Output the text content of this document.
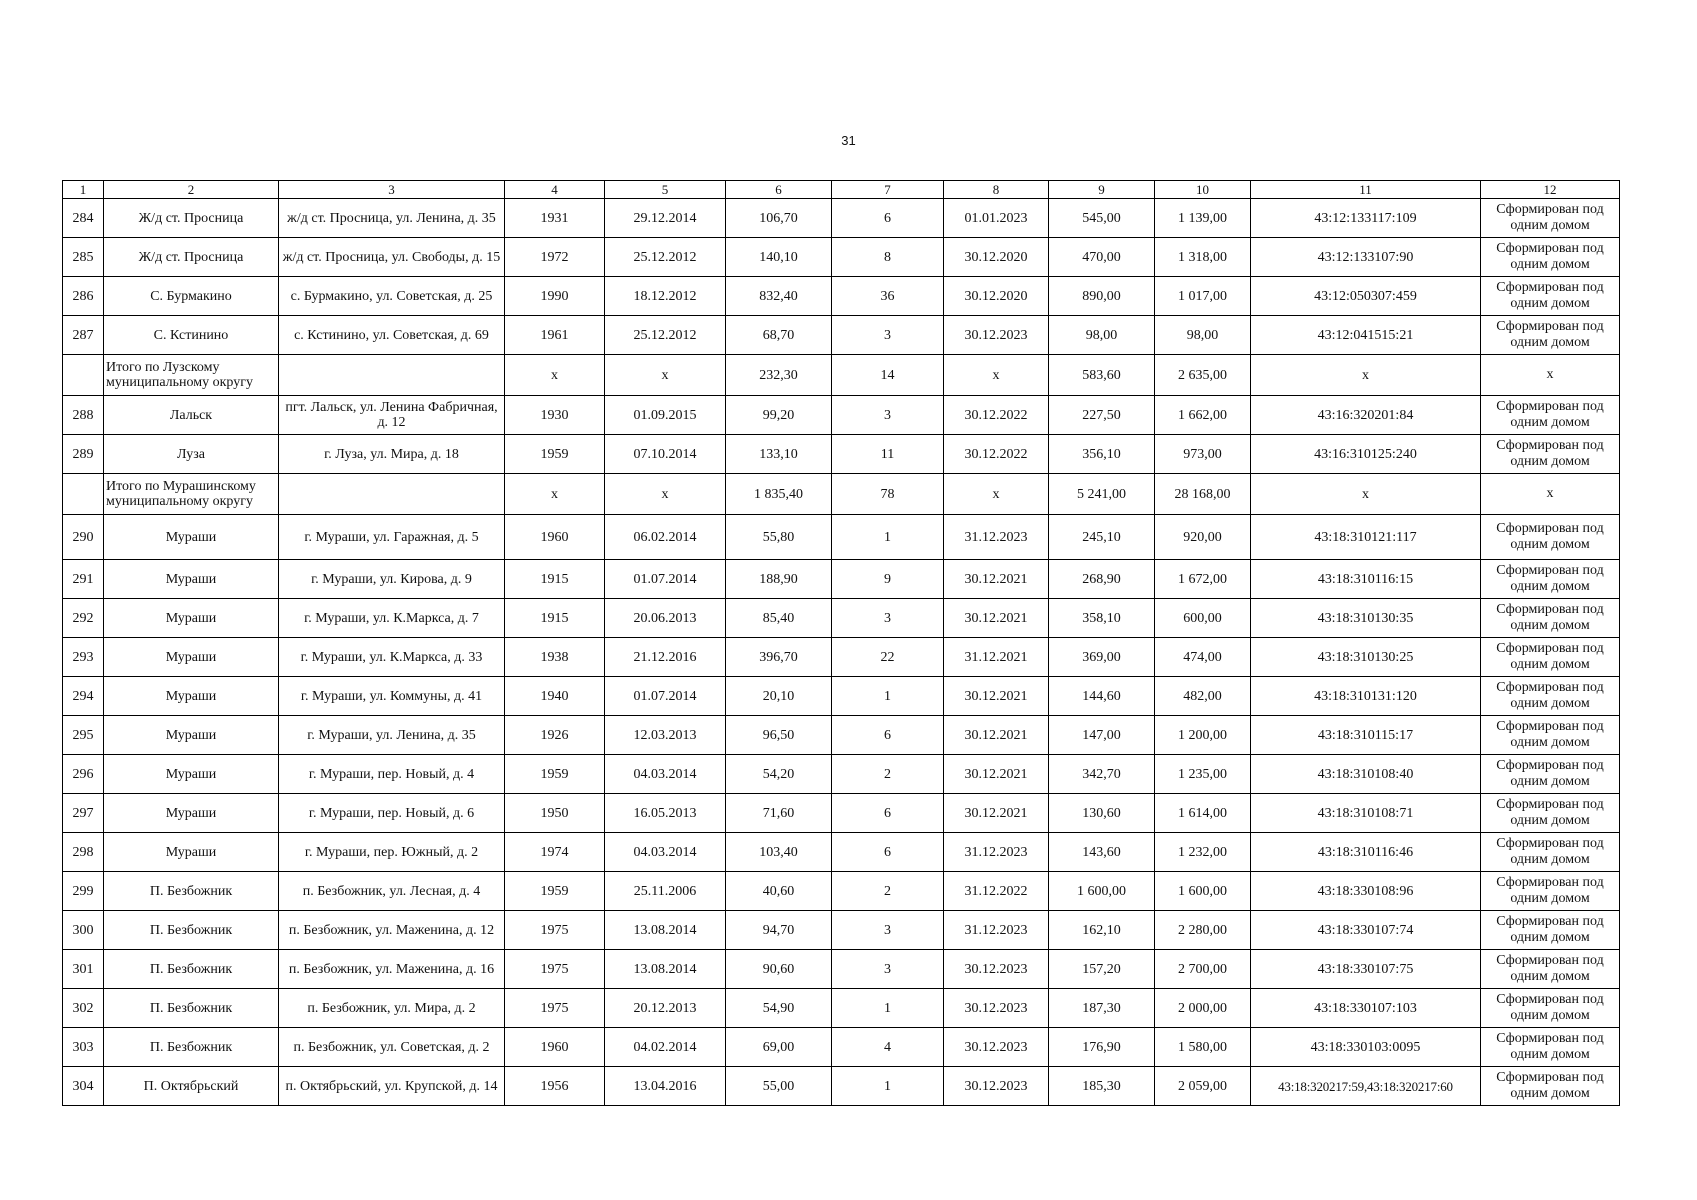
31
1	2	3	4	5	6	7	8	9	10	11	12
284	Ж/д ст. Просница	ж/д ст. Просница, ул. Ленина, д. 35	1931	29.12.2014	106,70	6	01.01.2023	545,00	1 139,00	43:12:133117:109	Сформирован под одним домом
285	Ж/д ст. Просница	ж/д ст. Просница, ул. Свободы, д. 15	1972	25.12.2012	140,10	8	30.12.2020	470,00	1 318,00	43:12:133107:90	Сформирован под одним домом
286	С. Бурмакино	с. Бурмакино, ул. Советская, д. 25	1990	18.12.2012	832,40	36	30.12.2020	890,00	1 017,00	43:12:050307:459	Сформирован под одним домом
287	С. Кстинино	с. Кстинино, ул. Советская, д. 69	1961	25.12.2012	68,70	3	30.12.2023	98,00	98,00	43:12:041515:21	Сформирован под одним домом
	Итого по Лузскому муниципальному округу		x	x	232,30	14	x	583,60	2 635,00	x	x
288	Лальск	пгт. Лальск, ул. Ленина Фабричная, д. 12	1930	01.09.2015	99,20	3	30.12.2022	227,50	1 662,00	43:16:320201:84	Сформирован под одним домом
289	Луза	г. Луза, ул. Мира, д. 18	1959	07.10.2014	133,10	11	30.12.2022	356,10	973,00	43:16:310125:240	Сформирован под одним домом
	Итого по Мурашинскому муниципальному округу		x	x	1 835,40	78	x	5 241,00	28 168,00	x	x
290	Мураши	г. Мураши, ул. Гаражная, д. 5	1960	06.02.2014	55,80	1	31.12.2023	245,10	920,00	43:18:310121:117	Сформирован под одним домом
291	Мураши	г. Мураши, ул. Кирова, д. 9	1915	01.07.2014	188,90	9	30.12.2021	268,90	1 672,00	43:18:310116:15	Сформирован под одним домом
292	Мураши	г. Мураши, ул. К.Маркса, д. 7	1915	20.06.2013	85,40	3	30.12.2021	358,10	600,00	43:18:310130:35	Сформирован под одним домом
293	Мураши	г. Мураши, ул. К.Маркса, д. 33	1938	21.12.2016	396,70	22	31.12.2021	369,00	474,00	43:18:310130:25	Сформирован под одним домом
294	Мураши	г. Мураши, ул. Коммуны, д. 41	1940	01.07.2014	20,10	1	30.12.2021	144,60	482,00	43:18:310131:120	Сформирован под одним домом
295	Мураши	г. Мураши, ул. Ленина, д. 35	1926	12.03.2013	96,50	6	30.12.2021	147,00	1 200,00	43:18:310115:17	Сформирован под одним домом
296	Мураши	г. Мураши, пер. Новый, д. 4	1959	04.03.2014	54,20	2	30.12.2021	342,70	1 235,00	43:18:310108:40	Сформирован под одним домом
297	Мураши	г. Мураши, пер. Новый, д. 6	1950	16.05.2013	71,60	6	30.12.2021	130,60	1 614,00	43:18:310108:71	Сформирован под одним домом
298	Мураши	г. Мураши, пер. Южный, д. 2	1974	04.03.2014	103,40	6	31.12.2023	143,60	1 232,00	43:18:310116:46	Сформирован под одним домом
299	П. Безбожник	п. Безбожник, ул. Лесная, д. 4	1959	25.11.2006	40,60	2	31.12.2022	1 600,00	1 600,00	43:18:330108:96	Сформирован под одним домом
300	П. Безбожник	п. Безбожник, ул. Маженина, д. 12	1975	13.08.2014	94,70	3	31.12.2023	162,10	2 280,00	43:18:330107:74	Сформирован под одним домом
301	П. Безбожник	п. Безбожник, ул. Маженина, д. 16	1975	13.08.2014	90,60	3	30.12.2023	157,20	2 700,00	43:18:330107:75	Сформирован под одним домом
302	П. Безбожник	п. Безбожник, ул. Мира, д. 2	1975	20.12.2013	54,90	1	30.12.2023	187,30	2 000,00	43:18:330107:103	Сформирован под одним домом
303	П. Безбожник	п. Безбожник, ул. Советская, д. 2	1960	04.02.2014	69,00	4	30.12.2023	176,90	1 580,00	43:18:330103:0095	Сформирован под одним домом
304	П. Октябрьский	п. Октябрьский, ул. Крупской, д. 14	1956	13.04.2016	55,00	1	30.12.2023	185,30	2 059,00	43:18:320217:59,43:18:320217:60	Сформирован под одним домом
